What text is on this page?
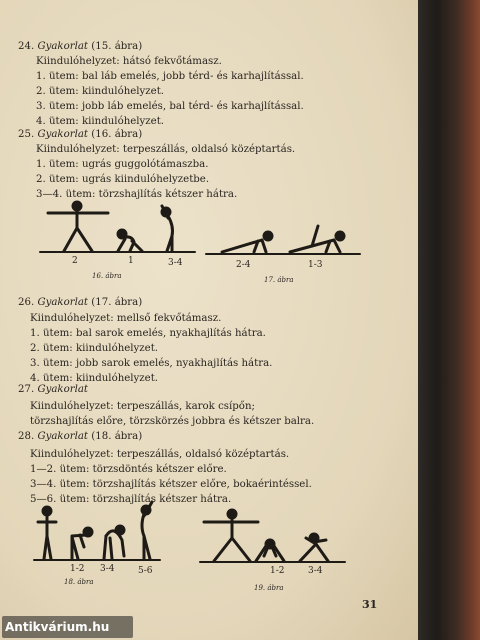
24. Gyakorlat (15. ábra)
Kiindulóhelyzet: hátsó fekvőtámasz.
1. ütem: bal láb emelés, jobb térd- és karhajlítással.
2. ütem: kiindulóhelyzet.
3. ütem: jobb láb emelés, bal térd- és karhajlítással.
4. ütem: kiindulóhelyzet.
25. Gyakorlat (16. ábra)
Kiindulóhelyzet: terpeszállás, oldalsó középtartás.
1. ütem: ugrás guggolótámaszba.
2. ütem: ugrás kiindulóhelyzetbe.
3—4. ütem: törzshajlítás kétszer hátra.
26. Gyakorlat (17. ábra)
Kiindulóhelyzet: mellső fekvőtámasz.
1. ütem: bal sarok emelés, nyakhajlítás hátra.
2. ütem: kiindulóhelyzet.
3. ütem: jobb sarok emelés, nyakhajlítás hátra.
4. ütem: kiindulóhelyzet.
27. Gyakorlat
Kiindulóhelyzet: terpeszállás, karok csípőn;
törzshajlítás előre, törzskörzés jobbra és kétszer balra.
28. Gyakorlat (18. ábra)
Kiindulóhelyzet: terpeszállás, oldalsó középtartás.
1—2. ütem: törzsdöntés kétszer előre.
3—4. ütem: törzshajlítás kétszer előre, bokaérintéssel.
5—6. ütem: törzshajlítás kétszer hátra.
2	1	3-4
16. ábra
2-4	1-3
17. ábra
1-2 3-4	5-6
18. ábra
1-2	3-4
19. ábra
31
Antikvárium.hu
